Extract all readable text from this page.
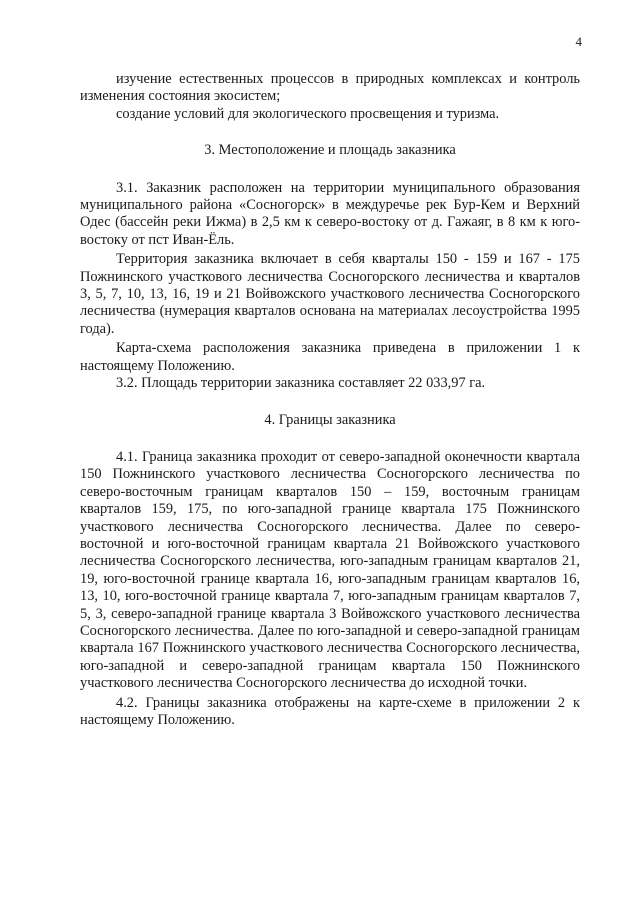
4

изучение естественных процессов в природных комплексах и контроль изменения состояния экосистем;

создание условий для экологического просвещения и туризма.

3. Местоположение и площадь заказника

3.1. Заказник расположен на территории муниципального образования муниципального района «Сосногорск» в междуречье рек Бур-Кем и Верхний Одес (бассейн реки Ижма) в 2,5 км к северо-востоку от д. Гажаяг, в 8 км к юго-востоку от пст Иван-Ёль.

Территория заказника включает в себя кварталы 150 - 159 и 167 - 175 Пожнинского участкового лесничества Сосногорского лесничества и кварталов 3, 5, 7, 10, 13, 16, 19 и 21 Войвожского участкового лесничества Сосногорского лесничества (нумерация кварталов основана на материалах лесоустройства 1995 года).

Карта-схема расположения заказника приведена в приложении 1 к настоящему Положению.

3.2. Площадь территории заказника составляет 22 033,97 га.

4. Границы заказника

4.1. Граница заказника проходит от северо-западной оконечности квартала 150 Пожнинского участкового лесничества Сосногорского лесничества по северо-восточным границам кварталов 150 – 159, восточным границам кварталов 159, 175, по юго-западной границе квартала 175 Пожнинского участкового лесничества Сосногорского лесничества. Далее по северо-восточной и юго-восточной границам квартала 21 Войвожского участкового лесничества Сосногорского лесничества, юго-западным границам кварталов 21, 19, юго-восточной границе квартала 16, юго-западным границам кварталов 16, 13, 10, юго-восточной границе квартала 7, юго-западным границам кварталов 7, 5, 3, северо-западной границе квартала 3 Войвожского участкового лесничества Сосногорского лесничества. Далее по юго-западной и северо-западной границам квартала 167 Пожнинского участкового лесничества Сосногорского лесничества, юго-западной и северо-западной границам квартала 150 Пожнинского участкового лесничества Сосногорского лесничества до исходной точки.

4.2. Границы заказника отображены на карте-схеме в приложении 2 к настоящему Положению.
